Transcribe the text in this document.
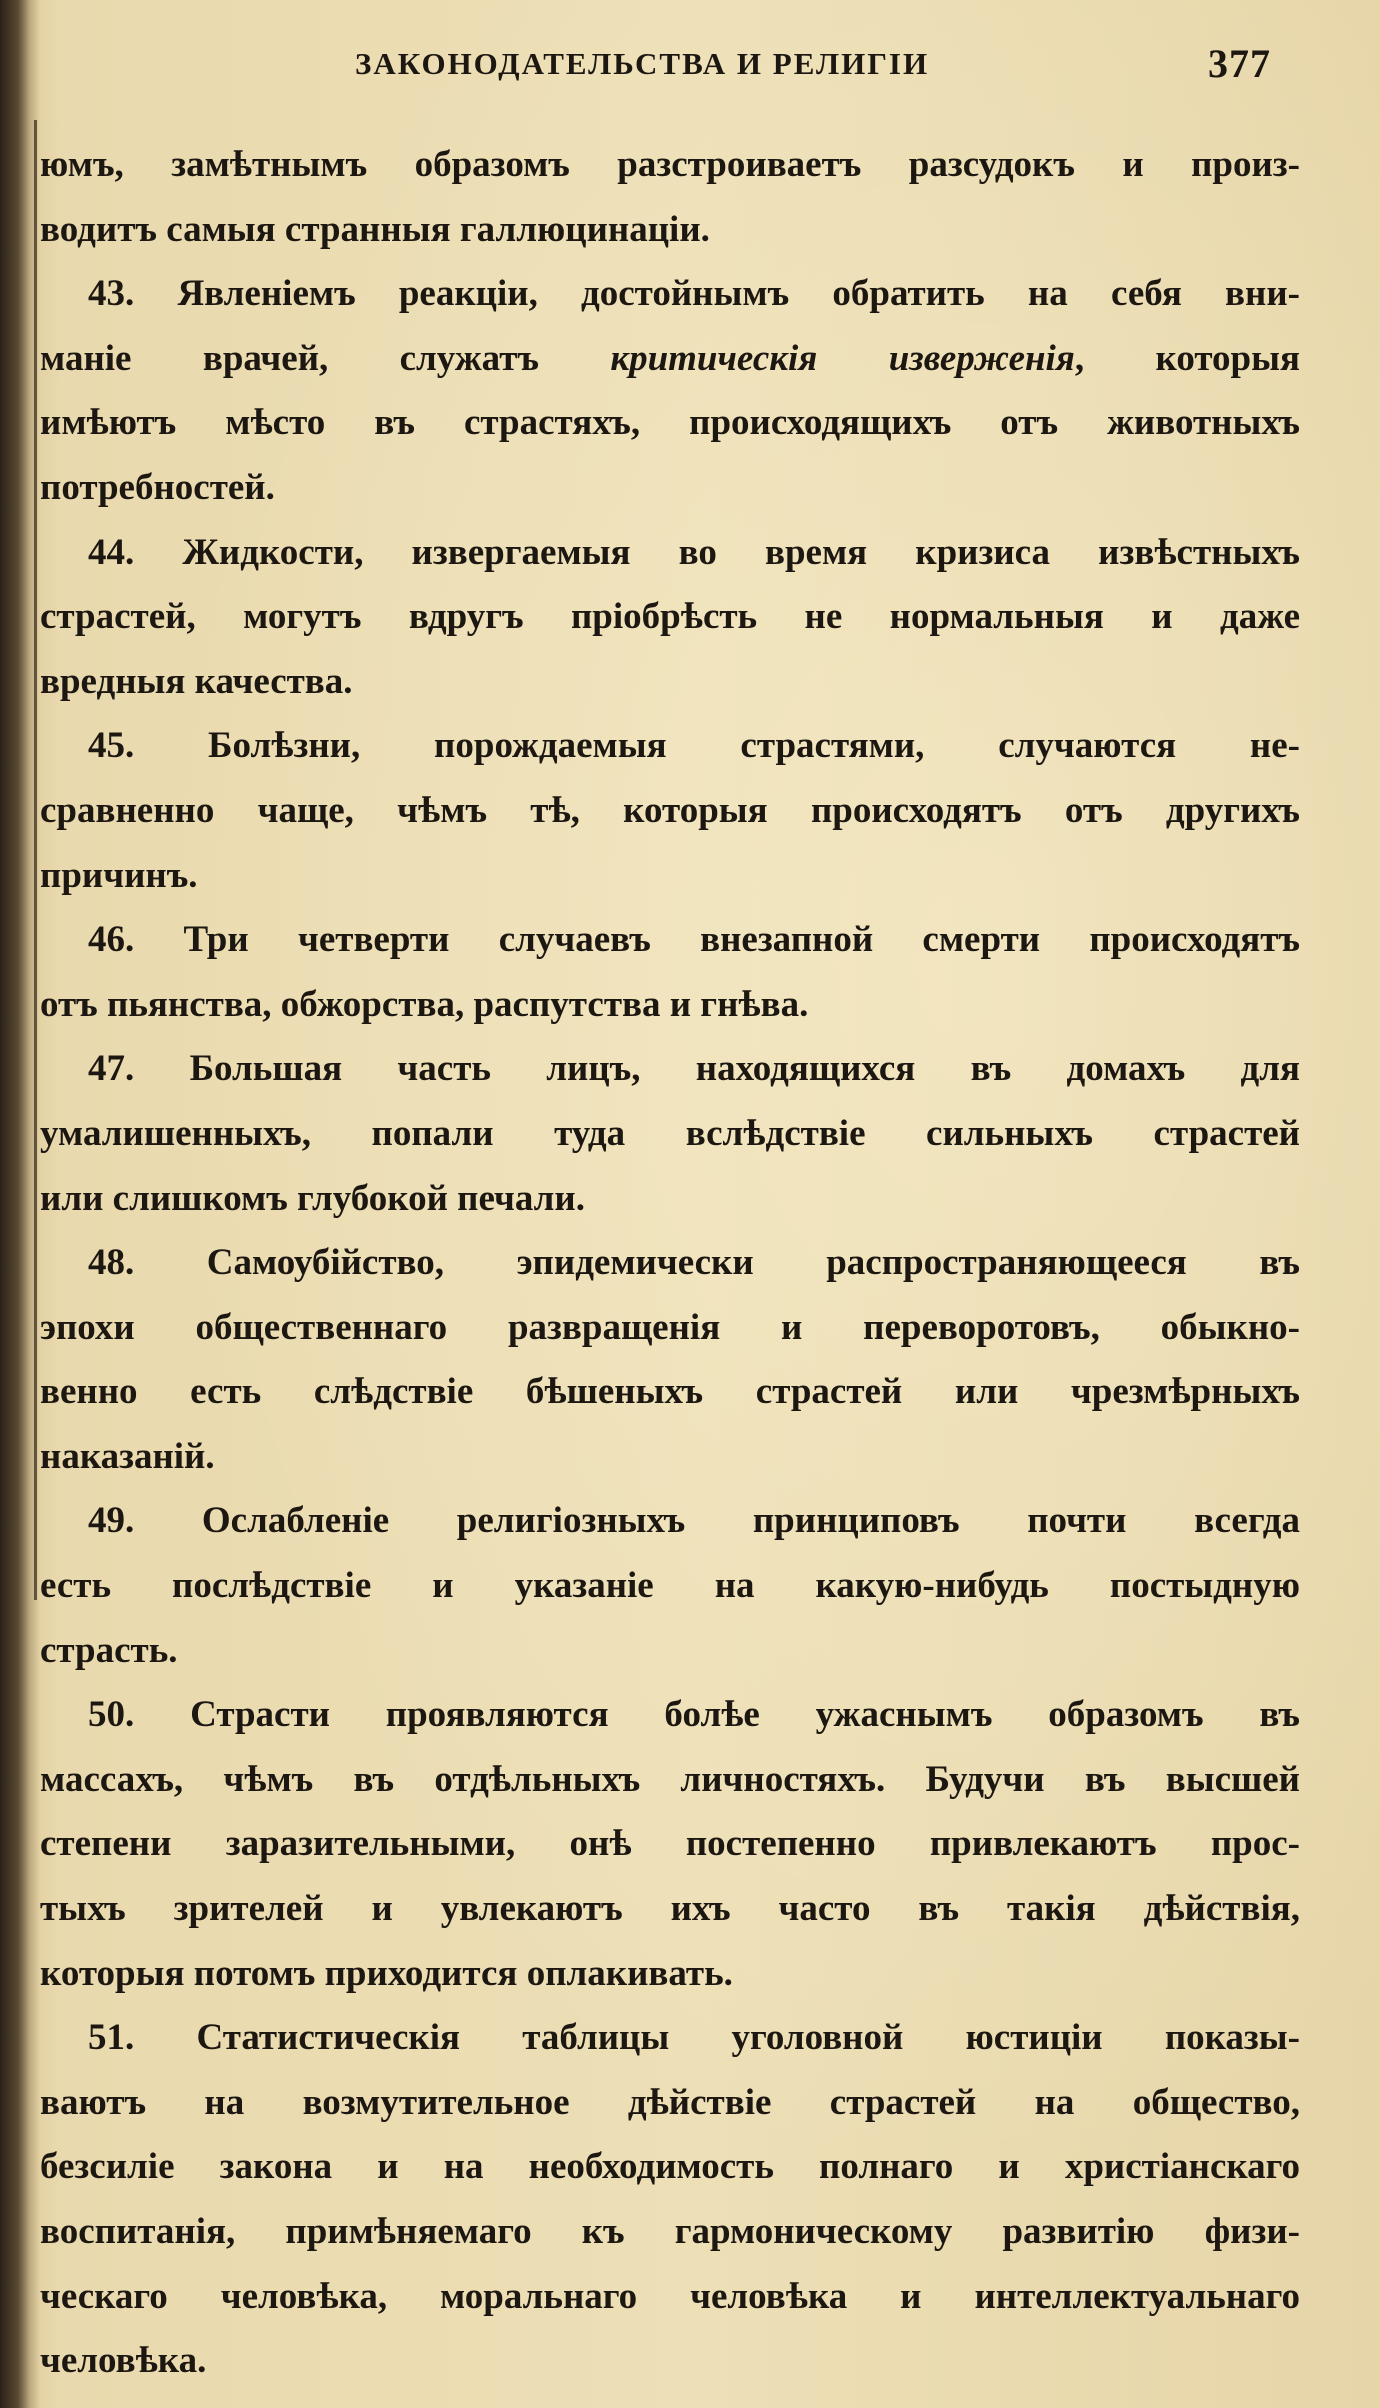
ЗАКОНОДАТЕЛЬСТВА И РЕЛИГІИ	377
юмъ, замѣтнымъ образомъ разстроиваетъ разсудокъ и произ-
водитъ самыя странныя галлюцинаціи.
43. Явленіемъ реакціи, достойнымъ обратить на себя вни-
маніе врачей, служатъ критическія изверженія, которыя
имѣютъ мѣсто въ страстяхъ, происходящихъ отъ животныхъ
потребностей.
44. Жидкости, извергаемыя во время кризиса извѣстныхъ
страстей, могутъ вдругъ пріобрѣсть не нормальныя и даже
вредныя качества.
45. Болѣзни, порождаемыя страстями, случаются не-
сравненно чаще, чѣмъ тѣ, которыя происходятъ отъ другихъ
причинъ.
46. Три четверти случаевъ внезапной смерти происходятъ
отъ пьянства, обжорства, распутства и гнѣва.
47. Большая часть лицъ, находящихся въ домахъ для
умалишенныхъ, попали туда вслѣдствіе сильныхъ страстей
или слишкомъ глубокой печали.
48. Самоубійство, эпидемически распространяющееся въ
эпохи общественнаго развращенія и переворотовъ, обыкно-
венно есть слѣдствіе бѣшеныхъ страстей или чрезмѣрныхъ
наказаній.
49. Ослабленіе религіозныхъ принциповъ почти всегда
есть послѣдствіе и указаніе на какую-нибудь постыдную
страсть.
50. Страсти проявляются болѣе ужаснымъ образомъ въ
массахъ, чѣмъ въ отдѣльныхъ личностяхъ. Будучи въ высшей
степени заразительными, онѣ постепенно привлекаютъ прос-
тыхъ зрителей и увлекаютъ ихъ часто въ такія дѣйствія,
которыя потомъ приходится оплакивать.
51. Статистическія таблицы уголовной юстиціи показы-
ваютъ на возмутительное дѣйствіе страстей на общество,
безсиліе закона и на необходимость полнаго и христіанскаго
воспитанія, примѣняемаго къ гармоническому развитію физи-
ческаго человѣка, моральнаго человѣка и интеллектуальнаго
человѣка.
